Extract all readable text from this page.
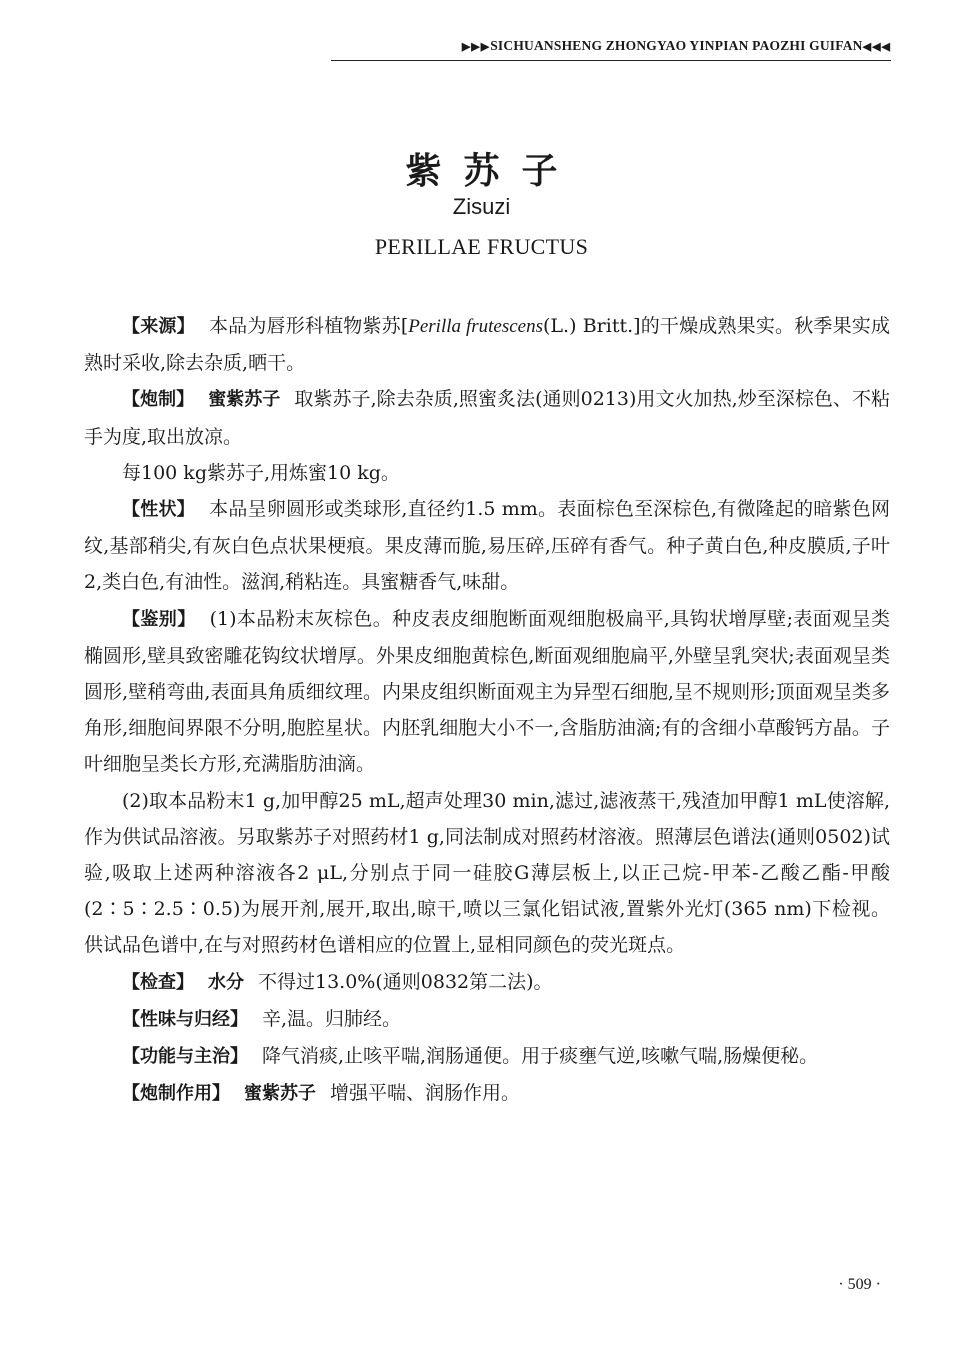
▶▶▶SICHUANSHENG ZHONGYAO YINPIAN PAOZHI GUIFAN◀◀◀
紫苏子
Zisuzi
PERILLAE FRUCTUS

【来源】 本品为唇形科植物紫苏[Perilla frutescens(L.) Britt.]的干燥成熟果实。秋季果实成熟时采收,除去杂质,晒干。

【炮制】 蜜紫苏子 取紫苏子,除去杂质,照蜜炙法(通则0213)用文火加热,炒至深棕色、不粘手为度,取出放凉。

每100 kg紫苏子,用炼蜜10 kg。

【性状】 本品呈卵圆形或类球形,直径约1.5 mm。表面棕色至深棕色,有微隆起的暗紫色网纹,基部稍尖,有灰白色点状果梗痕。果皮薄而脆,易压碎,压碎有香气。种子黄白色,种皮膜质,子叶2,类白色,有油性。滋润,稍粘连。具蜜糖香气,味甜。

【鉴别】 (1)本品粉末灰棕色。种皮表皮细胞断面观细胞极扁平,具钩状增厚壁;表面观呈类椭圆形,壁具致密雕花钩纹状增厚。外果皮细胞黄棕色,断面观细胞扁平,外壁呈乳突状;表面观呈类圆形,壁稍弯曲,表面具角质细纹理。内果皮组织断面观主为异型石细胞,呈不规则形;顶面观呈类多角形,细胞间界限不分明,胞腔星状。内胚乳细胞大小不一,含脂肪油滴;有的含细小草酸钙方晶。子叶细胞呈类长方形,充满脂肪油滴。

(2)取本品粉末1 g,加甲醇25 mL,超声处理30 min,滤过,滤液蒸干,残渣加甲醇1 mL使溶解,作为供试品溶液。另取紫苏子对照药材1 g,同法制成对照药材溶液。照薄层色谱法(通则0502)试验,吸取上述两种溶液各2 μL,分别点于同一硅胶G薄层板上,以正己烷-甲苯-乙酸乙酯-甲酸(2∶5∶2.5∶0.5)为展开剂,展开,取出,晾干,喷以三氯化铝试液,置紫外光灯(365 nm)下检视。供试品色谱中,在与对照药材色谱相应的位置上,显相同颜色的荧光斑点。

【检查】 水分 不得过13.0%(通则0832第二法)。

【性味与归经】 辛,温。归肺经。

【功能与主治】 降气消痰,止咳平喘,润肠通便。用于痰壅气逆,咳嗽气喘,肠燥便秘。

【炮制作用】 蜜紫苏子 增强平喘、润肠作用。

· 509 ·
